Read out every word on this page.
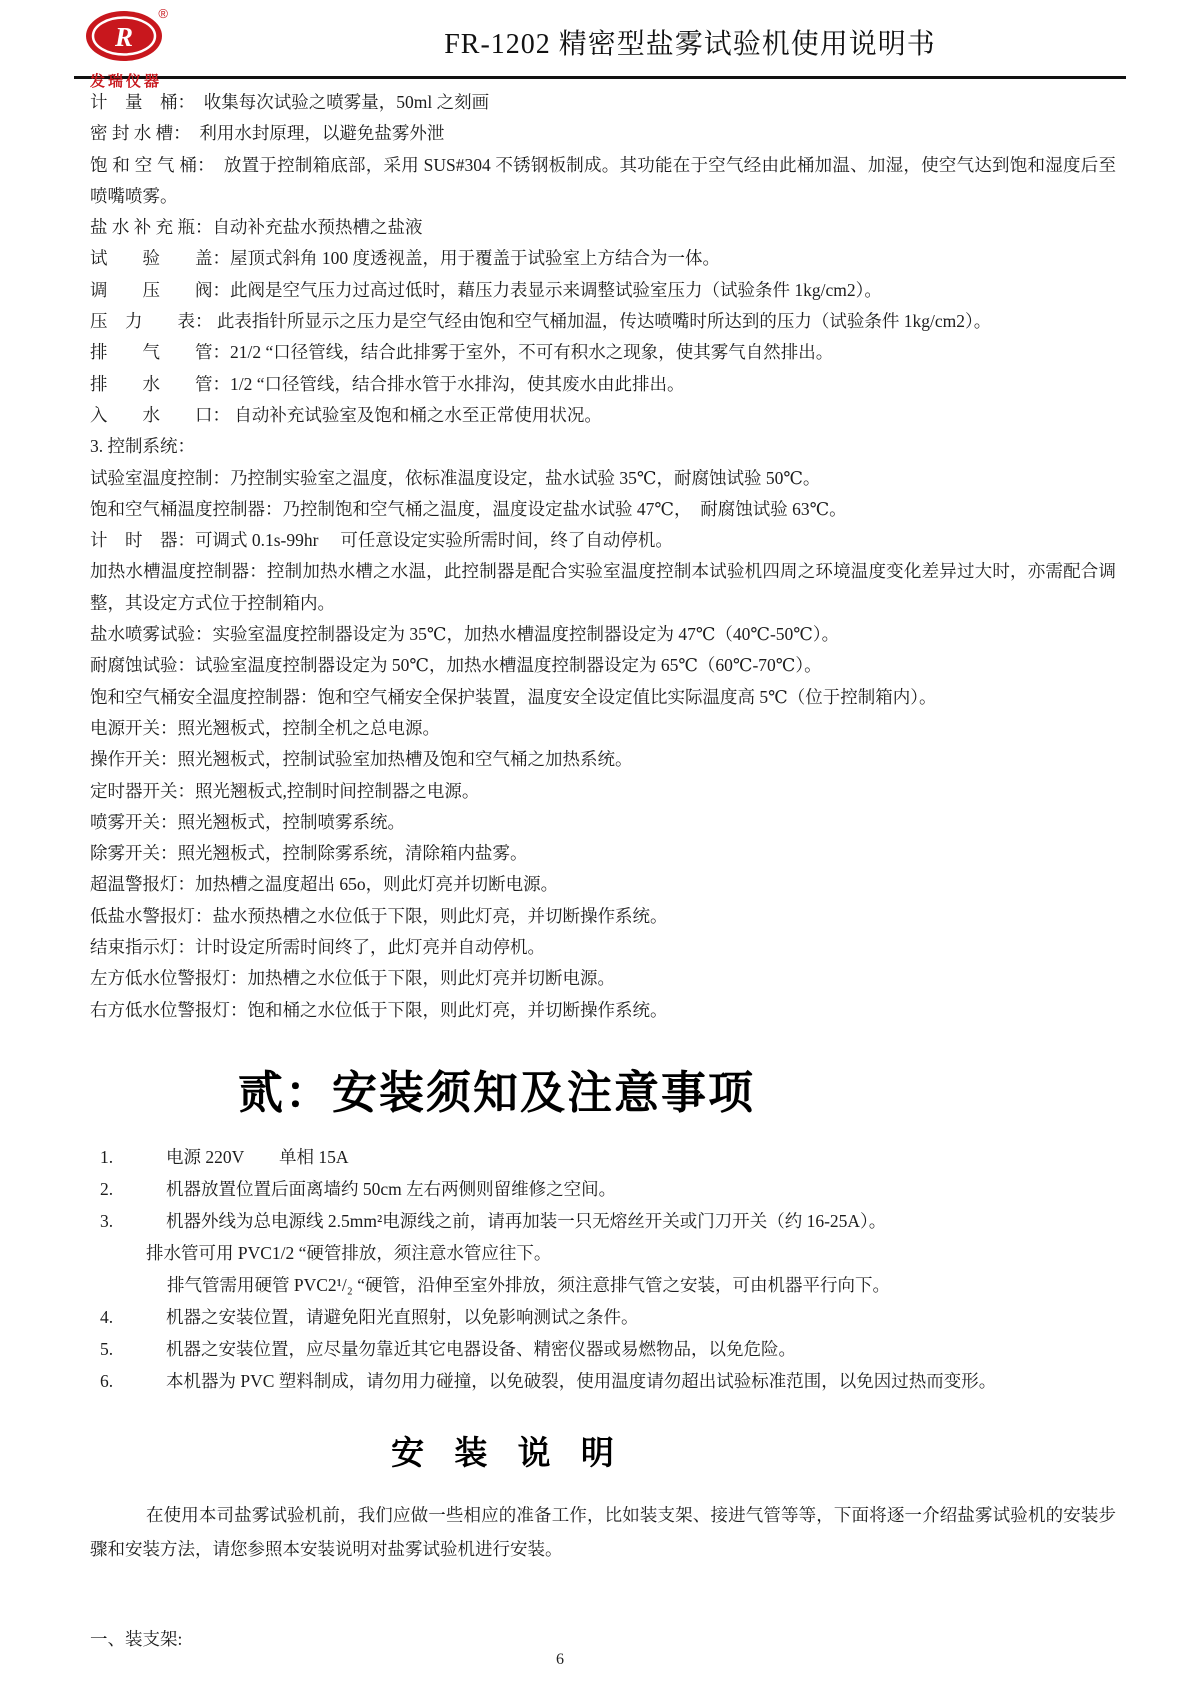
R
®
发瑞仪器
FR-1202 精密型盐雾试验机使用说明书

计　量　桶：　收集每次试验之喷雾量，50ml 之刻画

密 封 水 槽：　利用水封原理，以避免盐雾外泄

饱 和 空 气 桶：　放置于控制箱底部，采用 SUS#304 不锈钢板制成。其功能在于空气经由此桶加温、加湿，使空气达到饱和湿度后至喷嘴喷雾。

盐 水 补 充 瓶：自动补充盐水预热槽之盐液

试　　验　　盖：屋顶式斜角 100 度透视盖，用于覆盖于试验室上方结合为一体。

调　　压　　阀：此阀是空气压力过高过低时，藉压力表显示来调整试验室压力（试验条件 1kg/cm2）。

压　力　　表： 此表指针所显示之压力是空气经由饱和空气桶加温，传达喷嘴时所达到的压力（试验条件 1kg/cm2）。

排　　气　　管：21/2 “口径管线，结合此排雾于室外，不可有积水之现象，使其雾气自然排出。

排　　水　　管：1/2 “口径管线，结合排水管于水排沟，使其废水由此排出。

入　　水　　口： 自动补充试验室及饱和桶之水至正常使用状况。

3. 控制系统：

试验室温度控制：乃控制实验室之温度，依标准温度设定，盐水试验 35℃，耐腐蚀试验 50℃。

饱和空气桶温度控制器：乃控制饱和空气桶之温度，温度设定盐水试验 47℃，　耐腐蚀试验 63℃。

计　时　器：可调式 0.1s-99hr　 可任意设定实验所需时间，终了自动停机。

加热水槽温度控制器：控制加热水槽之水温，此控制器是配合实验室温度控制本试验机四周之环境温度变化差异过大时，亦需配合调整，其设定方式位于控制箱内。

盐水喷雾试验：实验室温度控制器设定为 35℃，加热水槽温度控制器设定为 47℃（40℃-50℃）。

耐腐蚀试验：试验室温度控制器设定为 50℃，加热水槽温度控制器设定为 65℃（60℃-70℃）。

饱和空气桶安全温度控制器：饱和空气桶安全保护装置，温度安全设定值比实际温度高 5℃（位于控制箱内）。

电源开关：照光翘板式，控制全机之总电源。

操作开关：照光翘板式，控制试验室加热槽及饱和空气桶之加热系统。

定时器开关：照光翘板式,控制时间控制器之电源。

喷雾开关：照光翘板式，控制喷雾系统。

除雾开关：照光翘板式，控制除雾系统，清除箱内盐雾。

超温警报灯：加热槽之温度超出 65o，则此灯亮并切断电源。

低盐水警报灯：盐水预热槽之水位低于下限，则此灯亮，并切断操作系统。

结束指示灯：计时设定所需时间终了，此灯亮并自动停机。

左方低水位警报灯：加热槽之水位低于下限，则此灯亮并切断电源。

右方低水位警报灯：饱和桶之水位低于下限，则此灯亮，并切断操作系统。

贰：安装须知及注意事项
1.	电源 220V　　单相 15A
2.	机器放置位置后面离墙约 50cm 左右两侧则留维修之空间。
3.	机器外线为总电源线 2.5mm²电源线之前，请再加装一只无熔丝开关或门刀开关（约 16-25A）。
排水管可用 PVC1/2 “硬管排放，须注意水管应往下。
排气管需用硬管 PVC2¹/₂ “硬管，沿伸至室外排放，须注意排气管之安装，可由机器平行向下。
4.	机器之安装位置，请避免阳光直照射，以免影响测试之条件。
5.	机器之安装位置，应尽量勿靠近其它电器设备、精密仪器或易燃物品，以免危险。
6.	本机器为 PVC 塑料制成，请勿用力碰撞，以免破裂，使用温度请勿超出试验标准范围，以免因过热而变形。
安 装 说 明

在使用本司盐雾试验机前，我们应做一些相应的准备工作，比如装支架、接进气管等等，下面将逐一介绍盐雾试验机的安装步骤和安装方法，请您参照本安装说明对盐雾试验机进行安装。

一、装支架:
6
